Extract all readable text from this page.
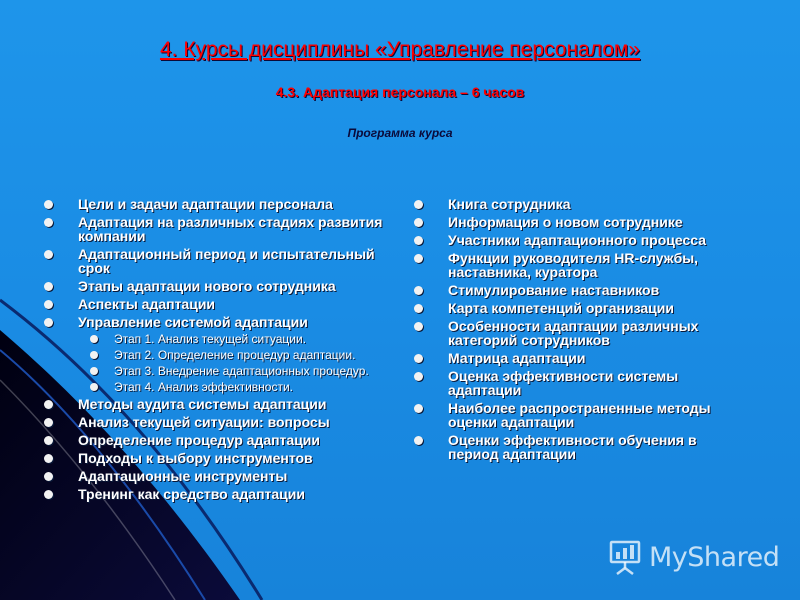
4. Курсы дисциплины «Управление персоналом»
4.3. Адаптация персонала – 6 часов
Программа курса
Цели и задачи адаптации персонала
Адаптация на различных стадиях развития компании
Адаптационный период и испытательный срок
Этапы адаптации нового сотрудника
Аспекты адаптации
Управление системой адаптации
Этап 1. Анализ текущей ситуации.
Этап 2. Определение процедур адаптации.
Этап 3. Внедрение адаптационных процедур.
Этап 4. Анализ эффективности.
Методы аудита системы адаптации
Анализ текущей ситуации: вопросы
Определение процедур адаптации
Подходы к выбору инструментов
Адаптационные инструменты
Тренинг как средство адаптации
Книга сотрудника
Информация о новом сотруднике
Участники адаптационного процесса
Функции руководителя HR-службы, наставника, куратора
Стимулирование наставников
Карта компетенций организации
Особенности адаптации различных категорий сотрудников
Матрица адаптации
Оценка эффективности системы адаптации
Наиболее распространенные методы оценки адаптации
Оценки эффективности обучения в период адаптации
MyShared
